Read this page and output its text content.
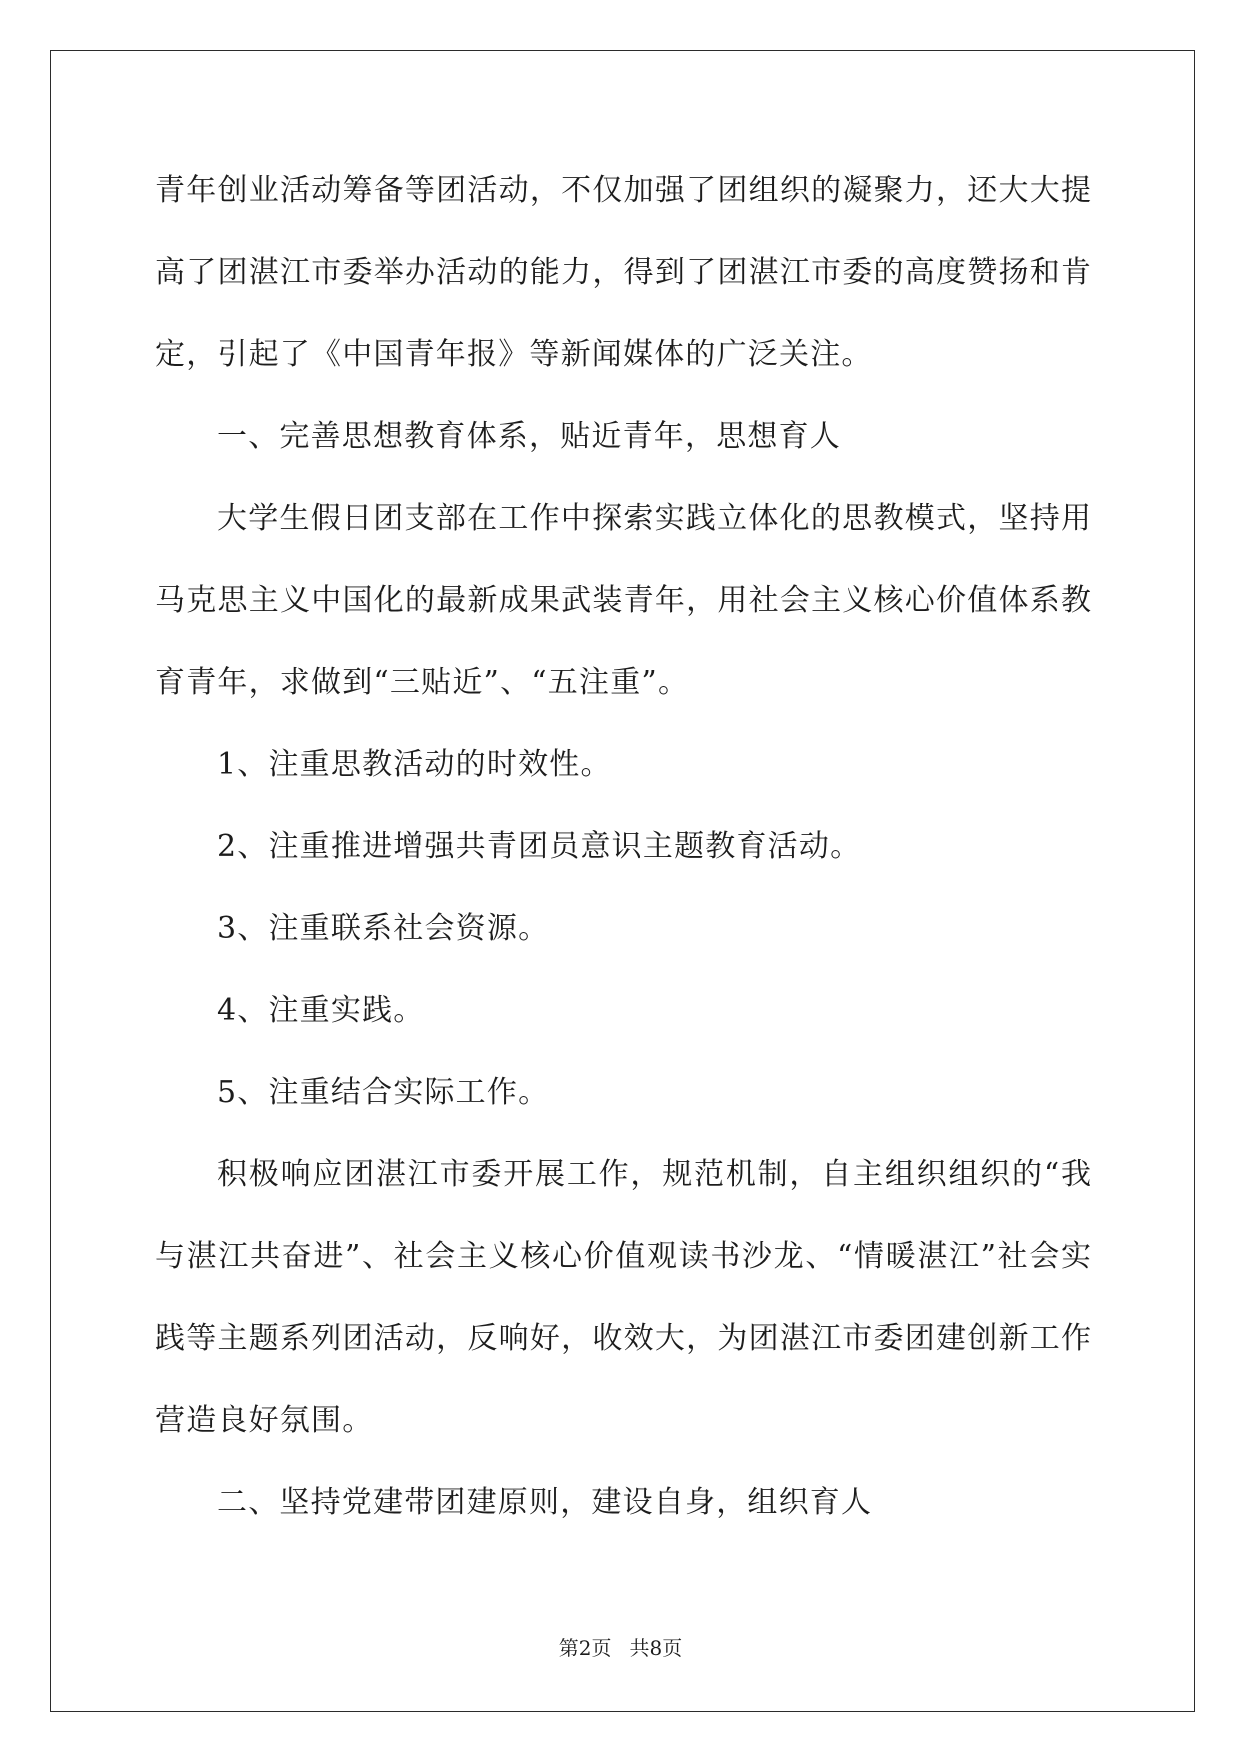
青年创业活动筹备等团活动，不仅加强了团组织的凝聚力，还大大提
高了团湛江市委举办活动的能力，得到了团湛江市委的高度赞扬和肯
定，引起了《中国青年报》等新闻媒体的广泛关注。
一、完善思想教育体系，贴近青年，思想育人
大学生假日团支部在工作中探索实践立体化的思教模式，坚持用
马克思主义中国化的最新成果武装青年，用社会主义核心价值体系教
育青年，求做到“三贴近”、“五注重”。
1、注重思教活动的时效性。
2、注重推进增强共青团员意识主题教育活动。
3、注重联系社会资源。
4、注重实践。
5、注重结合实际工作。
积极响应团湛江市委开展工作，规范机制，自主组织组织的“我
与湛江共奋进”、社会主义核心价值观读书沙龙、“情暖湛江”社会实
践等主题系列团活动，反响好，收效大，为团湛江市委团建创新工作
营造良好氛围。
二、坚持党建带团建原则，建设自身，组织育人
第2页 共8页
